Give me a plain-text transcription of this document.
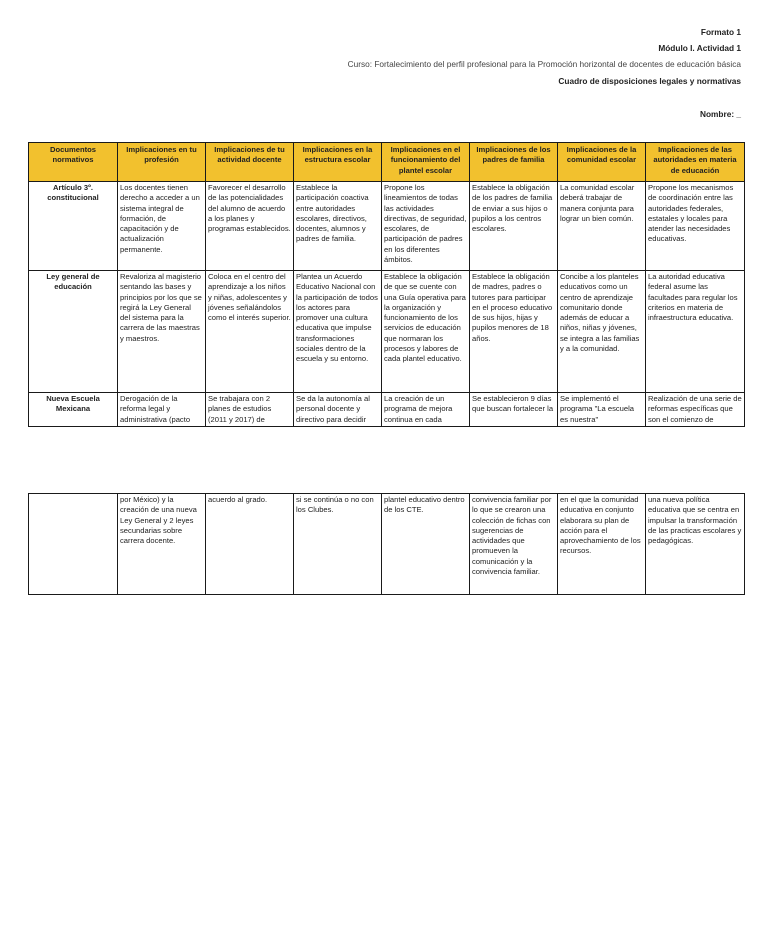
Formato 1
Módulo I. Actividad 1
Curso: Fortalecimiento del perfil profesional para la Promoción horizontal de docentes de educación básica
Cuadro de disposiciones legales y normativas
Nombre: _
Documentos normativos	Implicaciones en tu profesión	Implicaciones de tu actividad docente	Implicaciones en la estructura escolar	Implicaciones en el funcionamiento del plantel escolar	Implicaciones de los padres de familia	Implicaciones de la comunidad escolar	Implicaciones de las autoridades en materia de educación
Artículo 3º. constitucional	Los docentes tienen derecho a acceder a un sistema integral de formación, de capacitación y de actualización permanente.	Favorecer el desarrollo de las potencialidades del alumno de acuerdo a los planes y programas establecidos.	Establece la participación coactiva entre autoridades escolares, directivos, docentes, alumnos y padres de familia.	Propone los lineamientos de todas las actividades directivas, de seguridad, escolares, de participación de padres en los diferentes ámbitos.	Establece la obligación de los padres de familia de enviar a sus hijos o pupilos a los centros escolares.	La comunidad escolar deberá trabajar de manera conjunta para lograr un bien común.	Propone los mecanismos de coordinación entre las autoridades federales, estatales y locales para atender las necesidades educativas.
Ley general de educación	Revaloriza al magisterio sentando las bases y principios por los que se regirá la Ley General del sistema para la carrera de las maestras y maestros.	Coloca en el centro del aprendizaje a los niños y niñas, adolescentes y jóvenes señalándolos como el interés superior.	Plantea un Acuerdo Educativo Nacional con la participación de todos los actores para promover una cultura educativa que impulse transformaciones sociales dentro de la escuela y su entorno.	Establece la obligación de que se cuente con una Guía operativa para la organización y funcionamiento de los servicios de educación que normaran los procesos y labores de cada plantel educativo.	Establece la obligación de madres, padres o tutores para participar en el proceso educativo de sus hijos, hijas y pupilos menores de 18 años.	Concibe a los planteles educativos como un centro de aprendizaje comunitario donde además de educar a niños, niñas y jóvenes, se integra a las familias y a la comunidad.	La autoridad educativa federal asume las facultades para regular los criterios en materia de infraestructura educativa.
Nueva Escuela Mexicana	Derogación de la reforma legal y administrativa (pacto	Se trabajara con 2 planes de estudios (2011 y 2017) de	Se da la autonomía al personal docente y directivo para decidir	La creación de un programa de mejora continua en cada	Se establecieron 9 días que buscan fortalecer la	Se implementó el programa "La escuela es nuestra"	Realización de una serie de reformas específicas que son el comienzo de
	por México) y la creación de una nueva Ley General y 2 leyes secundarias sobre carrera docente.	acuerdo al grado.	si se continúa o no con los Clubes.	plantel educativo dentro de los CTE.	convivencia familiar por lo que se crearon una colección de fichas con sugerencias de actividades que promueven la comunicación y la convivencia familiar.	en el que la comunidad educativa en conjunto elaborara su plan de acción para el aprovechamiento de los recursos.	una nueva política educativa que se centra en impulsar la transformación de las practicas escolares y pedagógicas.
